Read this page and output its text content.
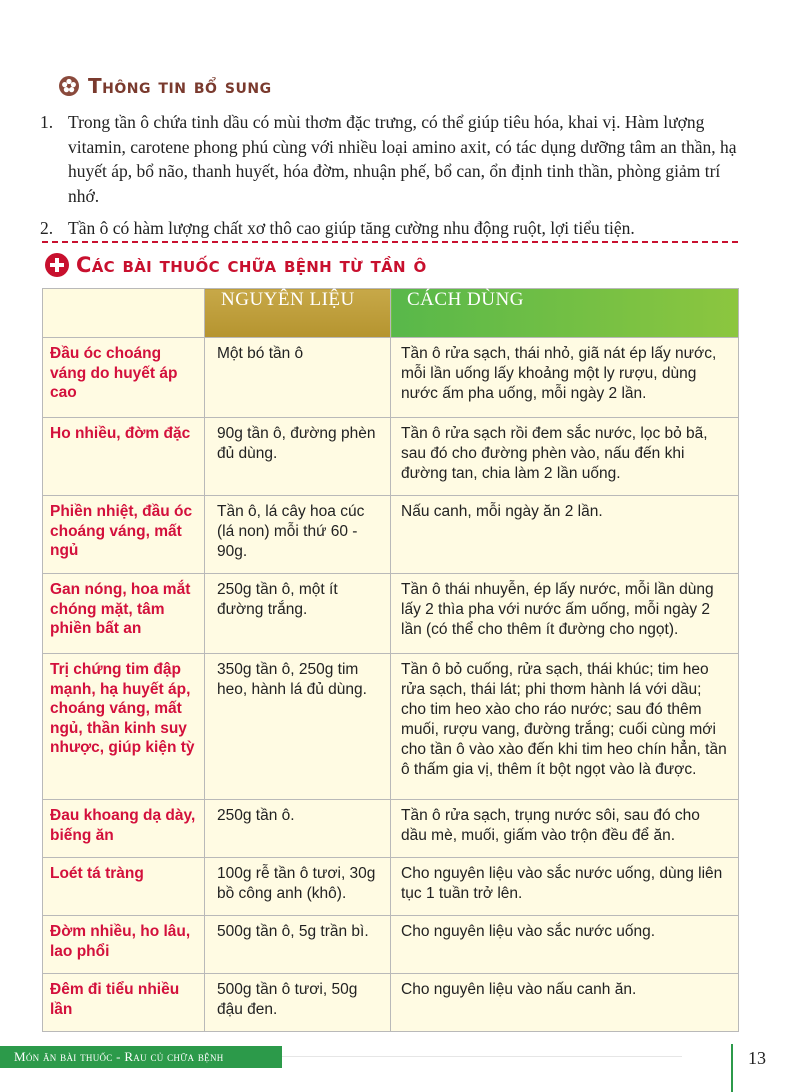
Thông tin bổ sung
1. Trong tần ô chứa tinh dầu có mùi thơm đặc trưng, có thể giúp tiêu hóa, khai vị. Hàm lượng vitamin, carotene phong phú cùng với nhiều loại amino axit, có tác dụng dưỡng tâm an thần, hạ huyết áp, bổ não, thanh huyết, hóa đờm, nhuận phế, bổ can, ổn định tinh thần, phòng giảm trí nhớ.
2. Tần ô có hàm lượng chất xơ thô cao giúp tăng cường nhu động ruột, lợi tiểu tiện.
Các bài thuốc chữa bệnh từ tần ô
	NGUYÊN LIỆU	CÁCH DÙNG
Đầu óc choáng váng do huyết áp cao	Một bó tần ô	Tần ô rửa sạch, thái nhỏ, giã nát ép lấy nước, mỗi lần uống lấy khoảng một ly rượu, dùng nước ấm pha uống, mỗi ngày 2 lần.
Ho nhiều, đờm đặc	90g tần ô, đường phèn đủ dùng.	Tần ô rửa sạch rồi đem sắc nước, lọc bỏ bã, sau đó cho đường phèn vào, nấu đến khi đường tan, chia làm 2 lần uống.
Phiền nhiệt, đầu óc choáng váng, mất ngủ	Tần ô, lá cây hoa cúc (lá non) mỗi thứ 60 - 90g.	Nấu canh, mỗi ngày ăn 2 lần.
Gan nóng, hoa mắt chóng mặt, tâm phiền bất an	250g tần ô, một ít đường trắng.	Tần ô thái nhuyễn, ép lấy nước, mỗi lần dùng lấy 2 thìa pha với nước ấm uống, mỗi ngày 2 lần (có thể cho thêm ít đường cho ngọt).
Trị chứng tim đập mạnh, hạ huyết áp, choáng váng, mất ngủ, thần kinh suy nhược, giúp kiện tỳ	350g tần ô, 250g tim heo, hành lá đủ dùng.	Tần ô bỏ cuống, rửa sạch, thái khúc; tim heo rửa sạch, thái lát; phi thơm hành lá với dầu; cho tim heo xào cho ráo nước; sau đó thêm muối, rượu vang, đường trắng; cuối cùng mới cho tần ô vào xào đến khi tim heo chín hẳn, tần ô thấm gia vị, thêm ít bột ngọt vào là được.
Đau khoang dạ dày, biếng ăn	250g tần ô.	Tần ô rửa sạch, trụng nước sôi, sau đó cho dầu mè, muối, giấm vào trộn đều để ăn.
Loét tá tràng	100g rễ tần ô tươi, 30g bồ công anh (khô).	Cho nguyên liệu vào sắc nước uống, dùng liên tục 1 tuần trở lên.
Đờm nhiều, ho lâu, lao phổi	500g tần ô, 5g trần bì.	Cho nguyên liệu vào sắc nước uống.
Đêm đi tiểu nhiều lần	500g tần ô tươi, 50g đậu đen.	Cho nguyên liệu vào nấu canh ăn.
Món ăn bài thuốc - Rau củ chữa bệnh	13
